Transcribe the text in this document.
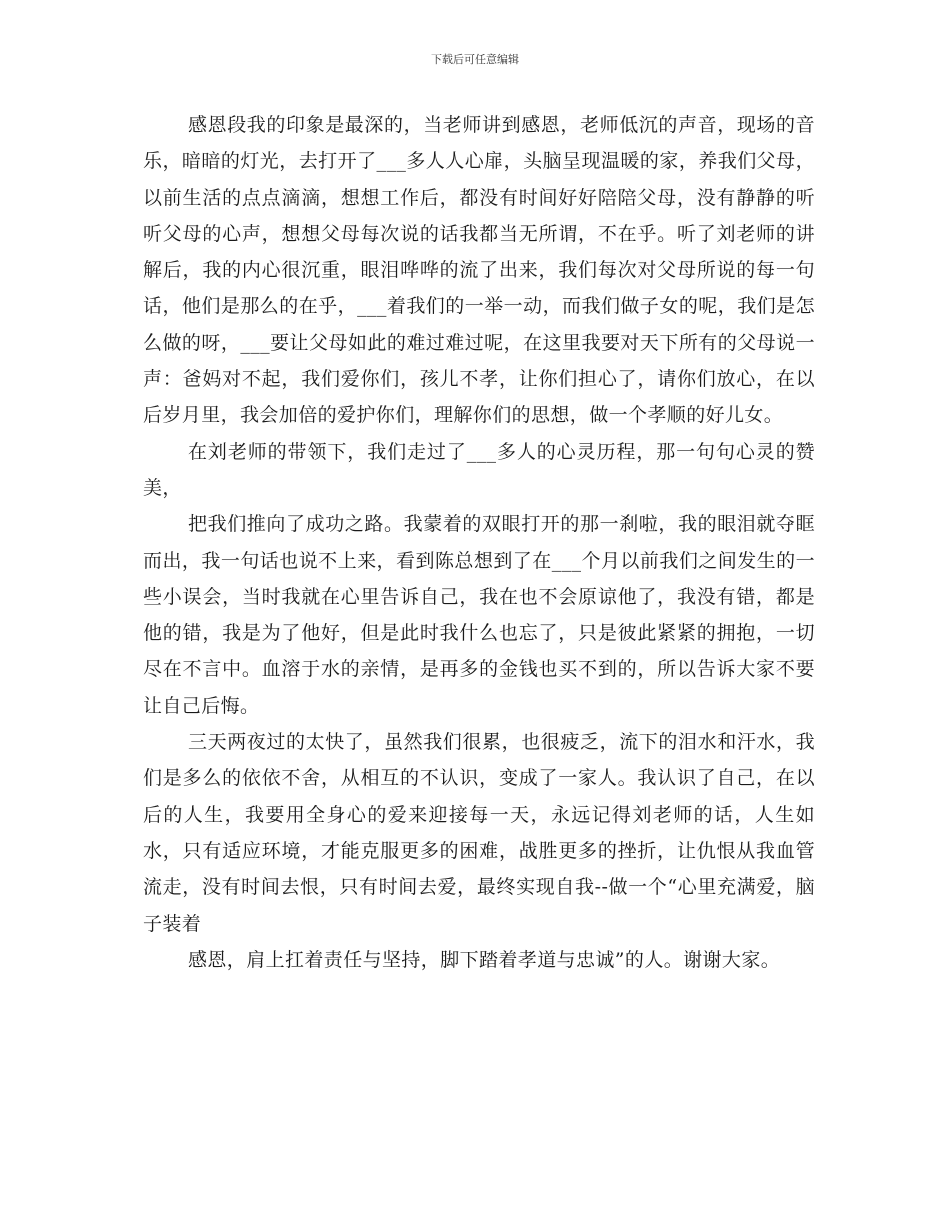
下载后可任意编辑

感恩段我的印象是最深的，当老师讲到感恩，老师低沉的声音，现场的音乐，暗暗的灯光，去打开了___多人人心扉，头脑呈现温暖的家，养我们父母，以前生活的点点滴滴，想想工作后，都没有时间好好陪陪父母，没有静静的听听父母的心声，想想父母每次说的话我都当无所谓，不在乎。听了刘老师的讲解后，我的内心很沉重，眼泪哗哗的流了出来，我们每次对父母所说的每一句话，他们是那么的在乎，___着我们的一举一动，而我们做子女的呢，我们是怎么做的呀，___要让父母如此的难过难过呢，在这里我要对天下所有的父母说一声：爸妈对不起，我们爱你们，孩儿不孝，让你们担心了，请你们放心，在以后岁月里，我会加倍的爱护你们，理解你们的思想，做一个孝顺的好儿女。

在刘老师的带领下，我们走过了___多人的心灵历程，那一句句心灵的赞美，

把我们推向了成功之路。我蒙着的双眼打开的那一刹啦，我的眼泪就夺眶而出，我一句话也说不上来，看到陈总想到了在___个月以前我们之间发生的一些小误会，当时我就在心里告诉自己，我在也不会原谅他了，我没有错，都是他的错，我是为了他好，但是此时我什么也忘了，只是彼此紧紧的拥抱，一切尽在不言中。血溶于水的亲情，是再多的金钱也买不到的，所以告诉大家不要让自己后悔。

三天两夜过的太快了，虽然我们很累，也很疲乏，流下的泪水和汗水，我们是多么的依依不舍，从相互的不认识，变成了一家人。我认识了自己，在以后的人生，我要用全身心的爱来迎接每一天，永远记得刘老师的话，人生如水，只有适应环境，才能克服更多的困难，战胜更多的挫折，让仇恨从我血管流走，没有时间去恨，只有时间去爱，最终实现自我--做一个“心里充满爱，脑子装着

感恩，肩上扛着责任与坚持，脚下踏着孝道与忠诚”的人。谢谢大家。
